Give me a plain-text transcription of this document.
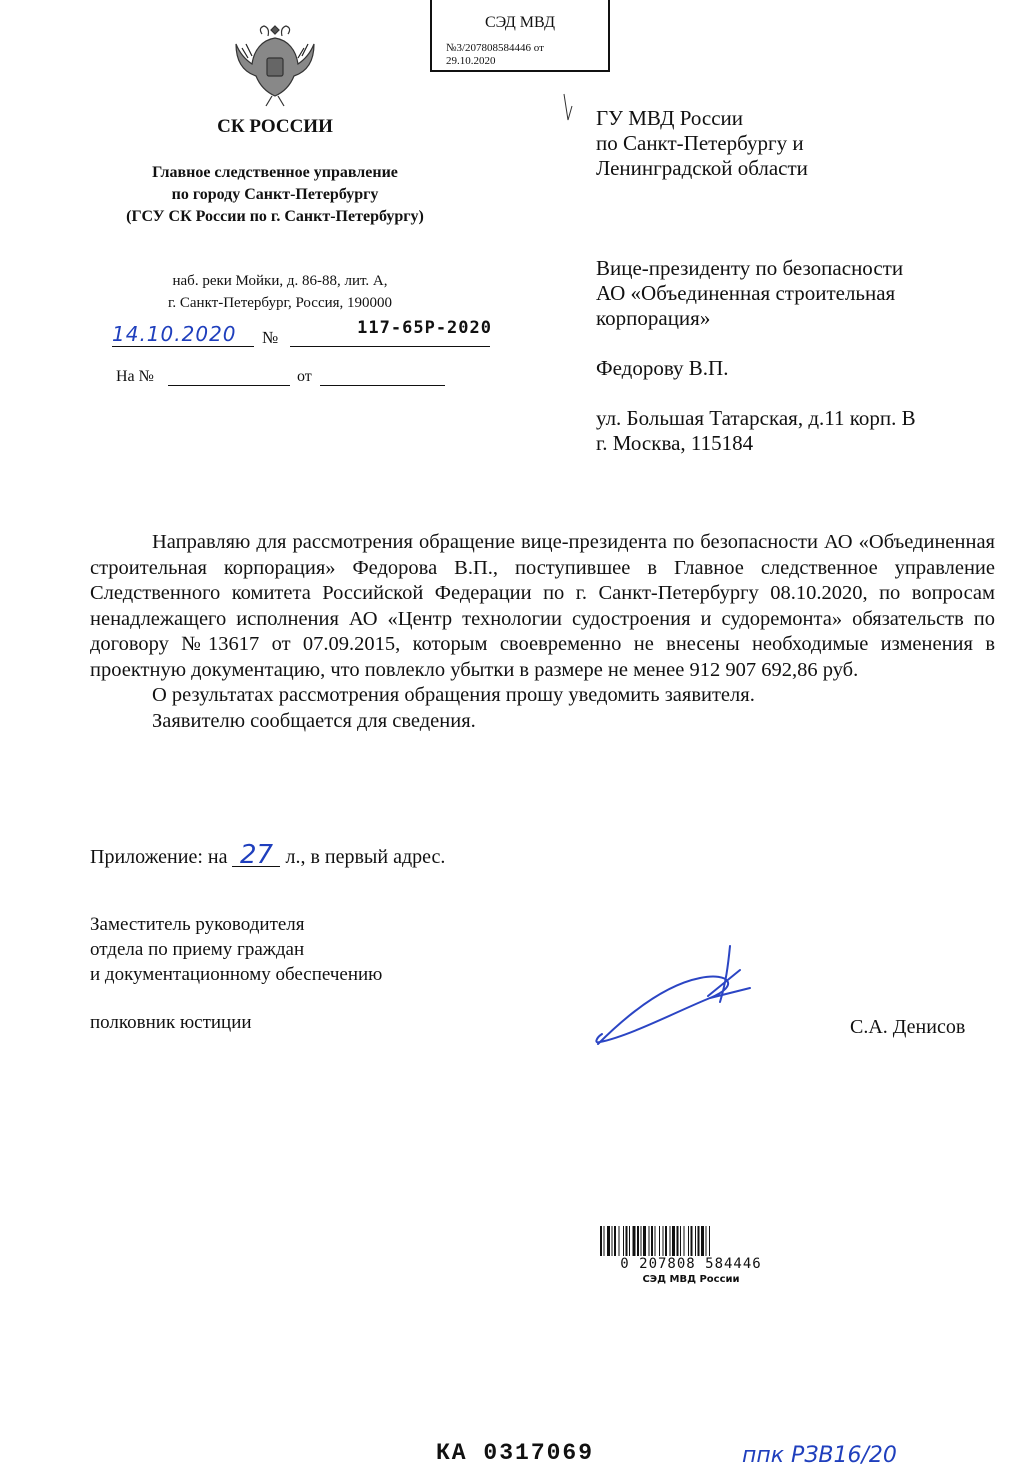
СЭД МВД
№3/207808584446 от
29.10.2020
СК РОССИИ
Главное следственное управление
по городу Санкт-Петербургу
(ГСУ СК России по г. Санкт-Петербургу)
наб. реки Мойки, д. 86-88, лит. А,
г. Санкт-Петербург, Россия, 190000
14.10.2020	№	117-65Р-2020
На №	от
ГУ МВД России
по Санкт-Петербургу и
Ленинградской области
Вице-президенту по безопасности
АО «Объединенная строительная
корпорация»
Федорову В.П.
ул. Большая Татарская, д.11 корп. В
г. Москва, 115184

Направляю для рассмотрения обращение вице-президента по безопасности АО «Объединенная строительная корпорация» Федорова В.П., поступившее в Главное следственное управление Следственного комитета Российской Федерации по г. Санкт-Петербургу 08.10.2020, по вопросам ненадлежащего исполнения АО «Центр технологии судостроения и судоремонта» обязательств по договору №13617 от 07.09.2015, которым своевременно не внесены необходимые изменения в проектную документацию, что повлекло убытки в размере не менее 912 907 692,86 руб.

О результатах рассмотрения обращения прошу уведомить заявителя.

Заявителю сообщается для сведения.

Приложение: на 27 л., в первый адрес.
Заместитель руководителя
отдела по приему граждан
и документационному обеспечению
полковник юстиции	С.А. Денисов
0 207808 584446
СЭД МВД России
КА 0317069	ппк РЗВ16/20
